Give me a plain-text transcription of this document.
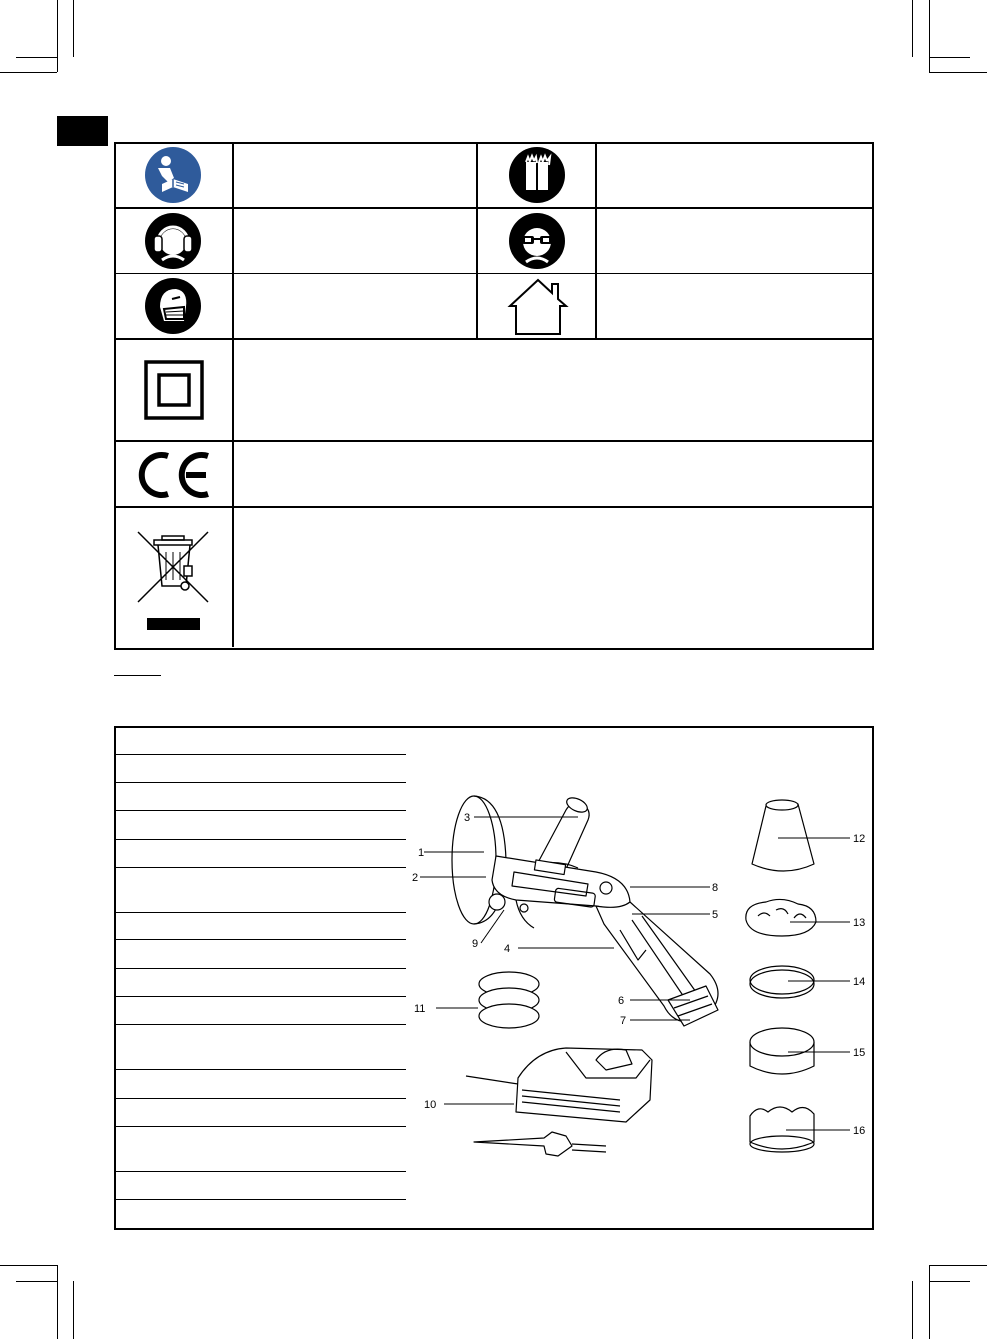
1
2
3
4
5
6
7
8
9
10
11
12
13
14
15
16
